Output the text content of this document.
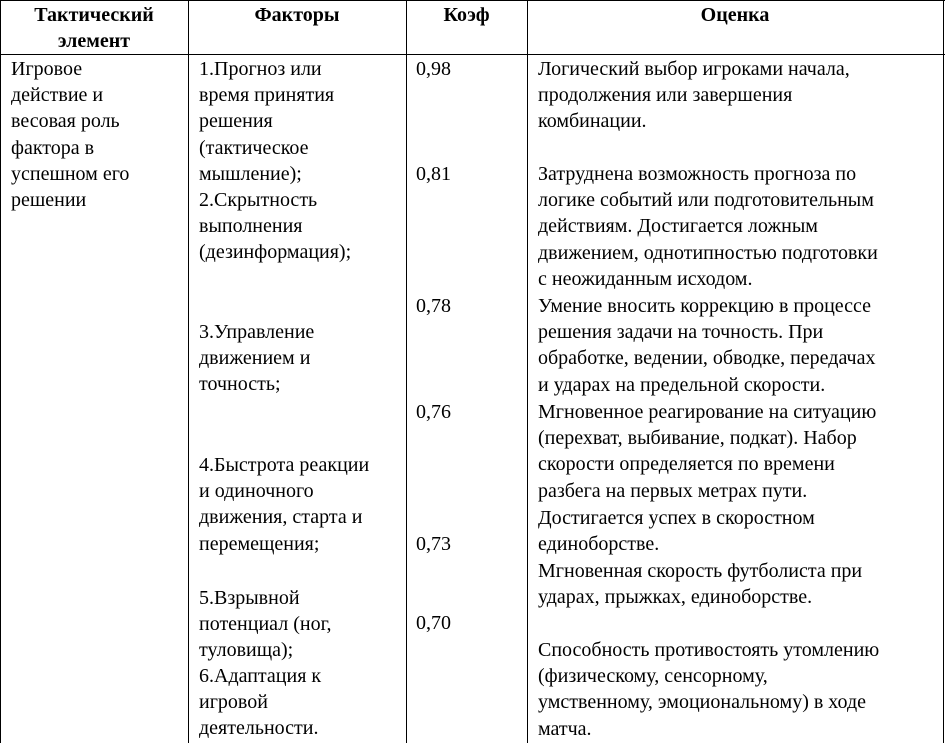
Тактический
элемент
Факторы	Коэф	Оценка
Игровое
действие и
весовая роль
фактора в
успешном его
решении
1.Прогноз или
время принятия
решения
(тактическое
мышление);
2.Скрытность
выполнения
(дезинформация);
3.Управление
движением и
точность;
4.Быстрота реакции
и одиночного
движения, старта и
перемещения;
5.Взрывной
потенциал (ног,
туловища);
6.Адаптация к
игровой
деятельности.
0,98
0,81
0,78
0,76
0,73
0,70
Логический выбор игроками начала,
продолжения или завершения
комбинации.
Затруднена возможность прогноза по
логике событий или подготовительным
действиям. Достигается ложным
движением, однотипностью подготовки
с неожиданным исходом.
Умение вносить коррекцию в процессе
решения задачи на точность. При
обработке, ведении, обводке, передачах
и ударах на предельной скорости.
Мгновенное реагирование на ситуацию
(перехват, выбивание, подкат). Набор
скорости определяется по времени
разбега на первых метрах пути.
Достигается успех в скоростном
единоборстве.
Мгновенная скорость футболиста при
ударах, прыжках, единоборстве.
Способность противостоять утомлению
(физическому, сенсорному,
умственному, эмоциональному) в ходе
матча.
